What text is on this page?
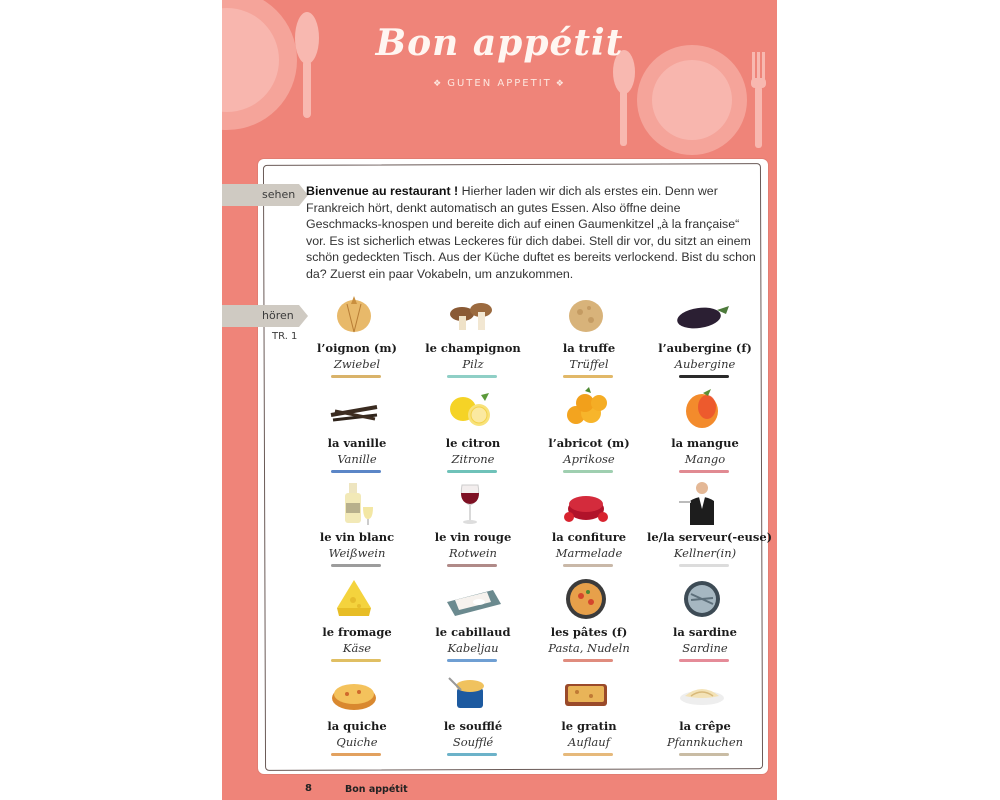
Bon appétit
❖ GUTEN APPETIT ❖
sehen
hören
TR. 1
Bienvenue au restaurant ! Hierher laden wir dich als erstes ein. Denn wer Frankreich hört, denkt automatisch an gutes Essen. Also öffne deine Geschmacks-knospen und bereite dich auf einen Gaumenkitzel „à la française“ vor. Es ist sicherlich etwas Leckeres für dich dabei. Stell dir vor, du sitzt an einem schön gedeckten Tisch. Aus der Küche duftet es bereits verlockend. Bist du schon da? Zuerst ein paar Vokabeln, um anzukommen.
l’oignon (m)
Zwiebel
le champignon
Pilz
la truffe
Trüffel
l’aubergine (f)
Aubergine
la vanille
Vanille
le citron
Zitrone
l’abricot (m)
Aprikose
la mangue
Mango
le vin blanc
Weißwein
le vin rouge
Rotwein
la confiture
Marmelade
le/la serveur(-euse)
Kellner(in)
le fromage
Käse
le cabillaud
Kabeljau
les pâtes (f)
Pasta, Nudeln
la sardine
Sardine
la quiche
Quiche
le soufflé
Soufflé
le gratin
Auflauf
la crêpe
Pfannkuchen
8	Bon appétit
